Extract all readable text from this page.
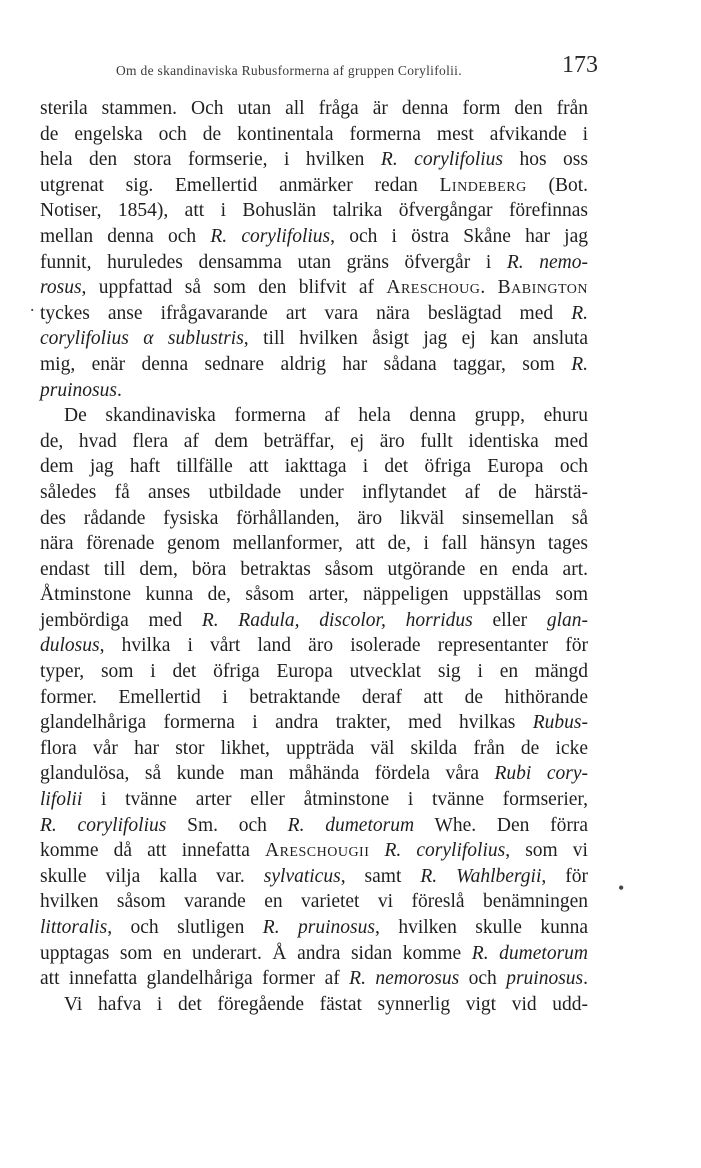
Om de skandinaviska Rubusformerna af gruppen Corylifolii.	173
.
•
sterila stammen. Och utan all fråga är denna form den från
de engelska och de kontinentala formerna mest afvikande i
hela den stora formserie, i hvilken R. corylifolius hos oss
utgrenat sig. Emellertid anmärker redan Lindeberg (Bot.
Notiser, 1854), att i Bohuslän talrika öfvergångar förefinnas
mellan denna och R. corylifolius, och i östra Skåne har jag
funnit, huruledes densamma utan gräns öfvergår i R. nemo-
rosus, uppfattad så som den blifvit af Areschoug. Babington
tyckes anse ifrågavarande art vara nära beslägtad med R.
corylifolius α sublustris, till hvilken åsigt jag ej kan ansluta
mig, enär denna sednare aldrig har sådana taggar, som R.
pruinosus.
De skandinaviska formerna af hela denna grupp, ehuru
de, hvad flera af dem beträffar, ej äro fullt identiska med
dem jag haft tillfälle att iakttaga i det öfriga Europa och
således få anses utbildade under inflytandet af de härstä-
des rådande fysiska förhållanden, äro likväl sinsemellan så
nära förenade genom mellanformer, att de, i fall hänsyn tages
endast till dem, böra betraktas såsom utgörande en enda art.
Åtminstone kunna de, såsom arter, näppeligen uppställas som
jembördiga med R. Radula, discolor, horridus eller glan-
dulosus, hvilka i vårt land äro isolerade representanter för
typer, som i det öfriga Europa utvecklat sig i en mängd
former. Emellertid i betraktande deraf att de hithörande
glandelhåriga formerna i andra trakter, med hvilkas Rubus-
flora vår har stor likhet, uppträda väl skilda från de icke
glandulösa, så kunde man måhända fördela våra Rubi cory-
lifolii i tvänne arter eller åtminstone i tvänne formserier,
R. corylifolius Sm. och R. dumetorum Whe. Den förra
komme då att innefatta Areschougii R. corylifolius, som vi
skulle vilja kalla var. sylvaticus, samt R. Wahlbergii, för
hvilken såsom varande en varietet vi föreslå benämningen
littoralis, och slutligen R. pruinosus, hvilken skulle kunna
upptagas som en underart. Å andra sidan komme R. dumetorum
att innefatta glandelhåriga former af R. nemorosus och pruinosus.
Vi hafva i det föregående fästat synnerlig vigt vid udd-
